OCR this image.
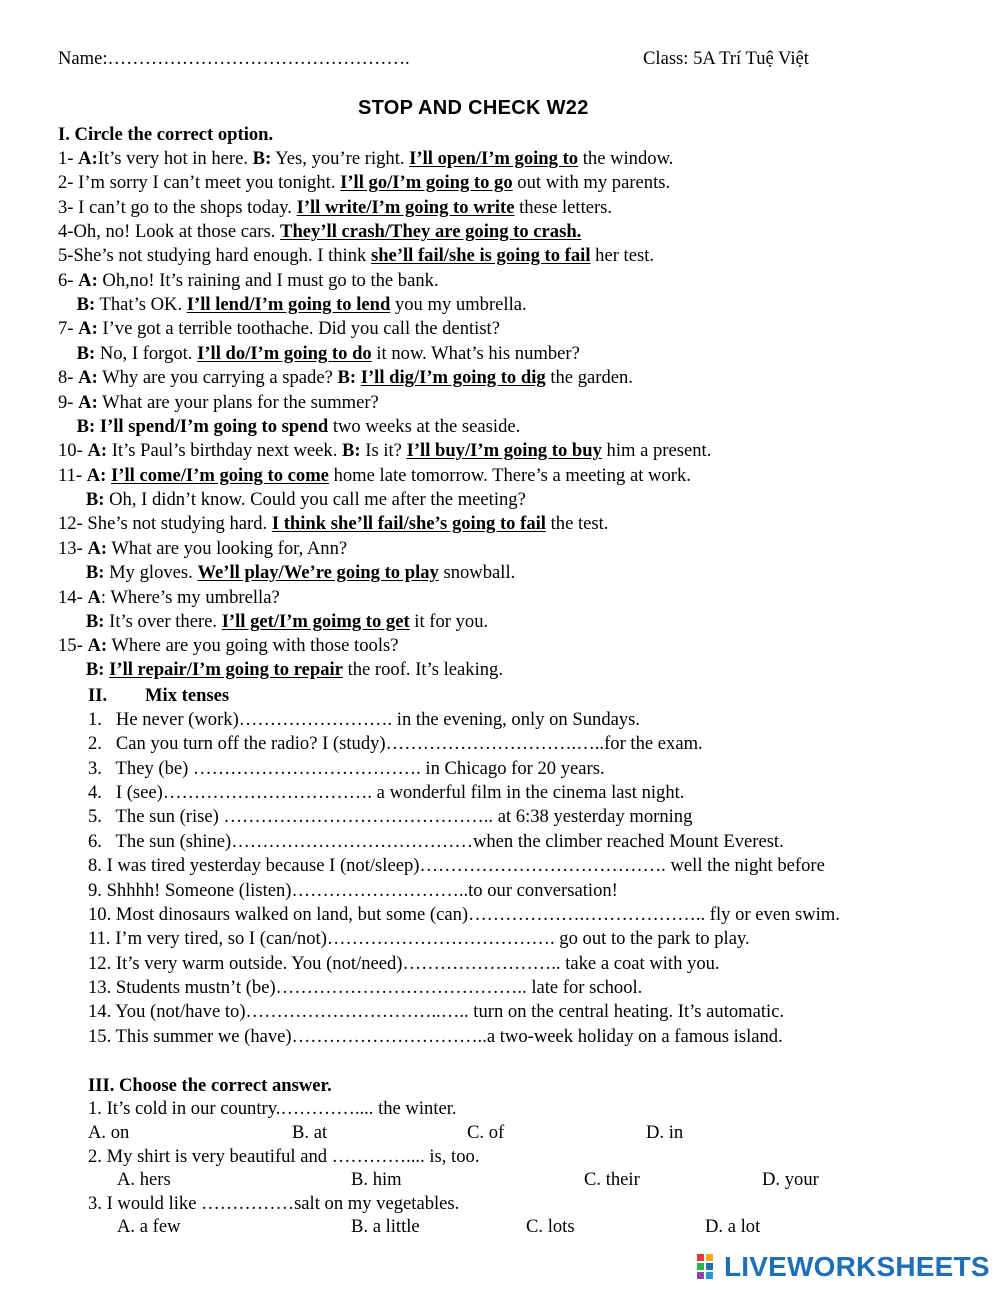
Name:………………………………………….	Class: 5A Trí Tuệ Việt
STOP AND CHECK W22
I. Circle the correct option.
1- A:It’s very hot in here. B: Yes, you’re right. I’ll open/I’m going to the window.
2- I’m sorry I can’t meet you tonight. I’ll go/I’m going to go out with my parents.
3- I can’t go to the shops today. I’ll write/I’m going to write these letters.
4-Oh, no! Look at those cars. They’ll crash/They are going to crash.
5-She’s not studying hard enough. I think she’ll fail/she is going to fail her test.
6- A: Oh,no! It’s raining and I must go to the bank.
B: That’s OK. I’ll lend/I’m going to lend you my umbrella.
7- A: I’ve got a terrible toothache. Did you call the dentist?
B: No, I forgot. I’ll do/I’m going to do it now. What’s his number?
8- A: Why are you carrying a spade? B: I’ll dig/I’m going to dig the garden.
9- A: What are your plans for the summer?
B: I’ll spend/I’m going to spend two weeks at the seaside.
10- A: It’s Paul’s birthday next week. B: Is it? I’ll buy/I’m going to buy him a present.
11- A: I’ll come/I’m going to come home late tomorrow. There’s a meeting at work.
B: Oh, I didn’t know. Could you call me after the meeting?
12- She’s not studying hard. I think she’ll fail/she’s going to fail the test.
13- A: What are you looking for, Ann?
B: My gloves. We’ll play/We’re going to play snowball.
14- A: Where’s my umbrella?
B: It’s over there. I’ll get/I’m goimg to get it for you.
15- A: Where are you going with those tools?
B: I’ll repair/I’m going to repair the roof. It’s leaking.
II. Mix tenses
1.   He never (work)……………………. in the evening, only on Sundays.
2.   Can you turn off the radio? I (study)………………………….…..for the exam.
3.   They (be) ………………………………. in Chicago for 20 years.
4.   I (see)……………………………. a wonderful film in the cinema last night.
5.   The sun (rise) …………………………………….. at 6:38 yesterday morning
6.   The sun (shine)…………………………………when the climber reached Mount Everest.
8. I was tired yesterday because I (not/sleep)…………………………………. well the night before
9. Shhhh! Someone (listen)………………………..to our conversation!
10. Most dinosaurs walked on land, but some (can)……………….……………….. fly or even swim.
11. I’m very tired, so I (can/not)………………………………. go out to the park to play.
12. It’s very warm outside. You (not/need)…………………….. take a coat with you.
13. Students mustn’t (be)………………………………….. late for school.
14. You (not/have to)…………………………..….. turn on the central heating. It’s automatic.
15. This summer we (have)…………………………..a two-week holiday on a famous island.
III. Choose the correct answer.
1. It’s cold in our country.………….... the winter.
A. on	B. at	C. of	D. in
2. My shirt is very beautiful and ………….... is, too.
A. hers	B. him	C. their	D. your
3. I would like ……………salt on my vegetables.
A. a few	B. a little	C. lots	D. a lot
LIVEWORKSHEETS
